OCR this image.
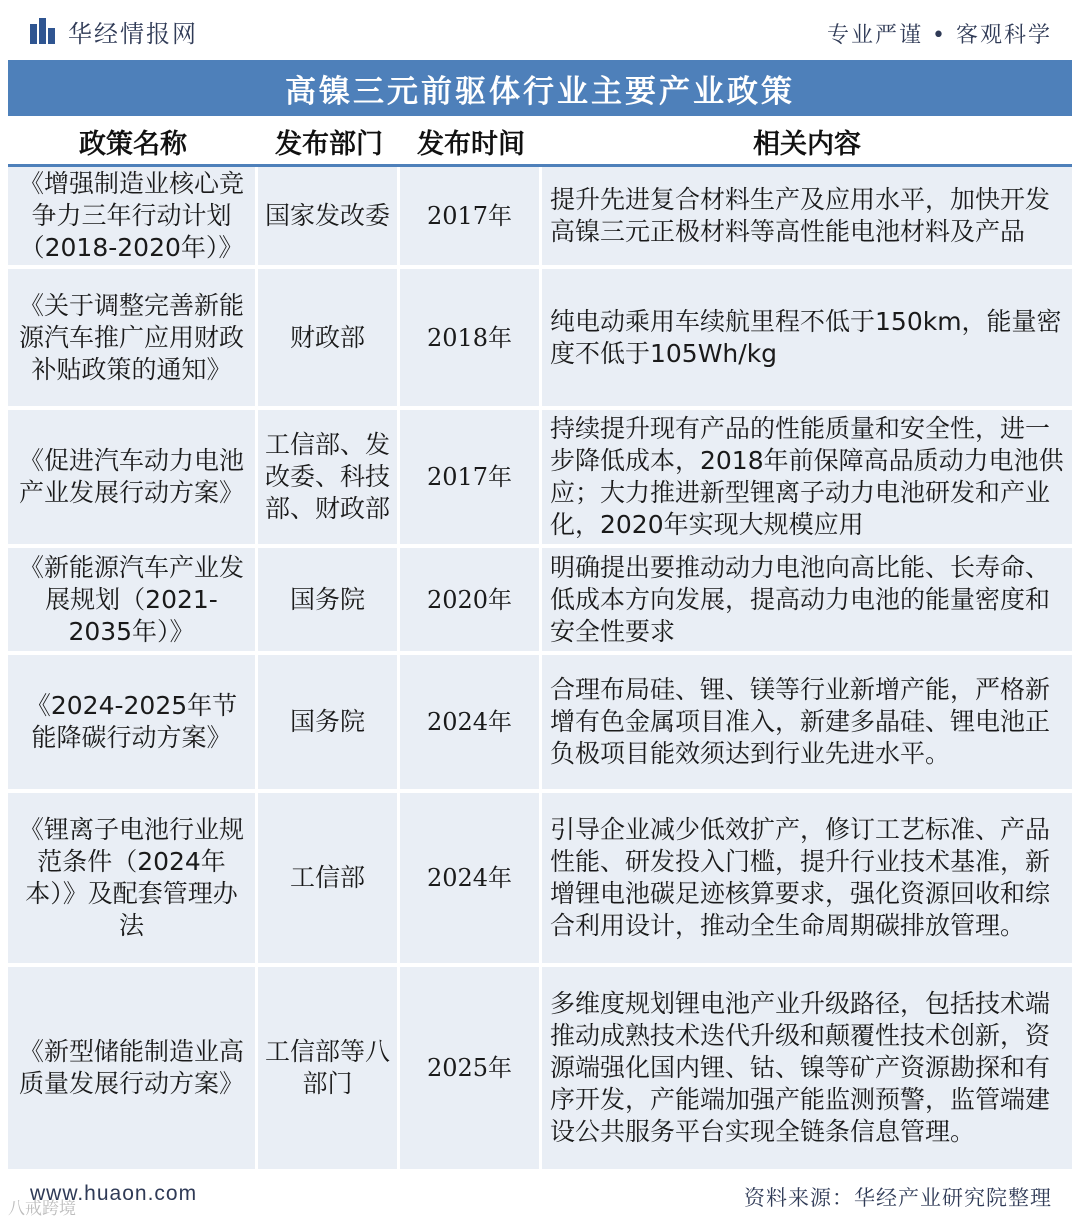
华经情报网	专业严谨 • 客观科学
高镍三元前驱体行业主要产业政策
政策名称	发布部门	发布时间	相关内容
《增强制造业核心竞争力三年行动计划（2018-2020年）》	国家发改委	2017年	提升先进复合材料生产及应用水平，加快开发高镍三元正极材料等高性能电池材料及产品
《关于调整完善新能源汽车推广应用财政补贴政策的通知》	财政部	2018年	纯电动乘用车续航里程不低于150km，能量密度不低于105Wh/kg
《促进汽车动力电池产业发展行动方案》	工信部、发改委、科技部、财政部	2017年	持续提升现有产品的性能质量和安全性，进一步降低成本，2018年前保障高品质动力电池供应；大力推进新型锂离子动力电池研发和产业化，2020年实现大规模应用
《新能源汽车产业发展规划（2021-2035年）》	国务院	2020年	明确提出要推动动力电池向高比能、长寿命、低成本方向发展，提高动力电池的能量密度和安全性要求
《2024-2025年节能降碳行动方案》	国务院	2024年	合理布局硅、锂、镁等行业新增产能，严格新增有色金属项目准入，新建多晶硅、锂电池正负极项目能效须达到行业先进水平。
《锂离子电池行业规范条件（2024年本）》及配套管理办法	工信部	2024年	引导企业减少低效扩产，修订工艺标准、产品性能、研发投入门槛，提升行业技术基准，新增锂电池碳足迹核算要求，强化资源回收和综合利用设计，推动全生命周期碳排放管理。
《新型储能制造业高质量发展行动方案》	工信部等八部门	2025年	多维度规划锂电池产业升级路径，包括技术端推动成熟技术迭代升级和颠覆性技术创新，资源端强化国内锂、钴、镍等矿产资源勘探和有序开发，产能端加强产能监测预警，监管端建设公共服务平台实现全链条信息管理。
www.huaon.com	资料来源：华经产业研究院整理
八戒跨境
